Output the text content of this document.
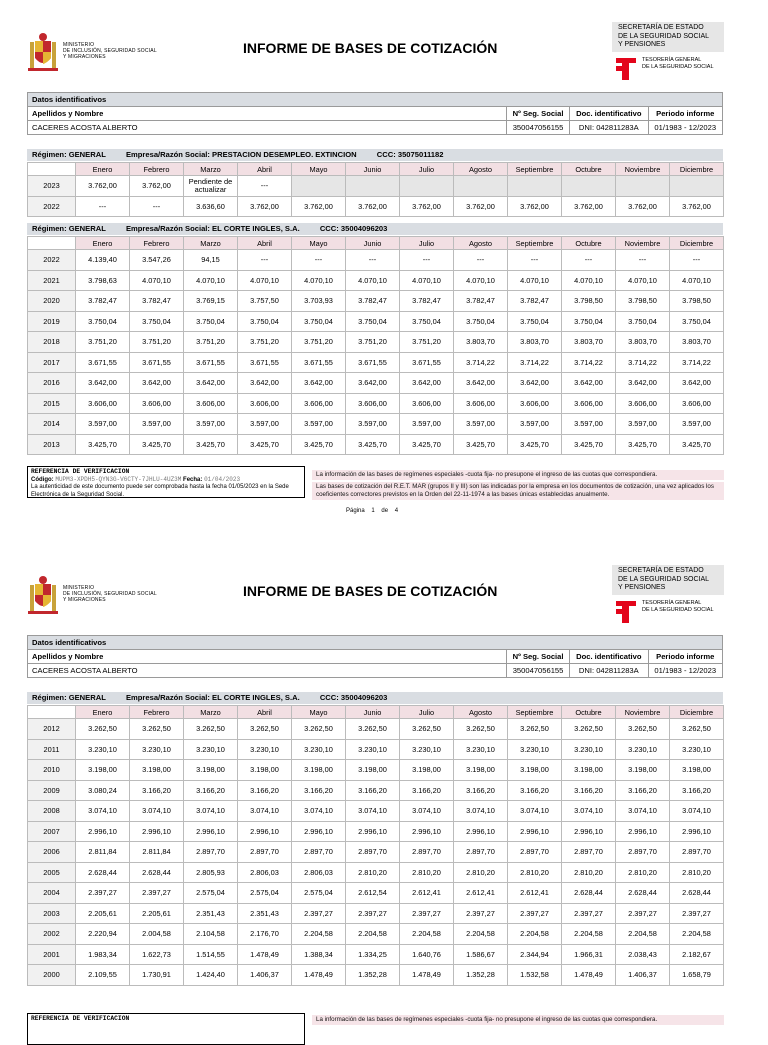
MINISTERIO
DE INCLUSIÓN, SEGURIDAD SOCIAL
Y MIGRACIONES
INFORME DE BASES DE COTIZACIÓN
SECRETARÍA DE ESTADO
DE LA SEGURIDAD SOCIAL
Y PENSIONES
TESORERÍA GENERAL
DE LA SEGURIDAD SOCIAL
Datos identificativos			
Apellidos y Nombre	Nº Seg. Social	Doc. identificativo	Periodo informe
CACERES ACOSTA ALBERTO	350047056155	DNI: 042811283A	01/1983 - 12/2023
Régimen: GENERAL	Empresa/Razón Social: PRESTACION DESEMPLEO. EXTINCION	CCC: 35075011182
	Enero	Febrero	Marzo	Abril	Mayo	Junio	Julio	Agosto	Septiembre	Octubre	Noviembre	Diciembre
2023	3.762,00	3.762,00	Pendiente de actualizar	---								
2022	---	---	3.636,60	3.762,00	3.762,00	3.762,00	3.762,00	3.762,00	3.762,00	3.762,00	3.762,00	3.762,00
Régimen: GENERAL	Empresa/Razón Social: EL CORTE INGLES, S.A.	CCC: 35004096203
	Enero	Febrero	Marzo	Abril	Mayo	Junio	Julio	Agosto	Septiembre	Octubre	Noviembre	Diciembre
2022	4.139,40	3.547,26	94,15	---	---	---	---	---	---	---	---	---
2021	3.798,63	4.070,10	4.070,10	4.070,10	4.070,10	4.070,10	4.070,10	4.070,10	4.070,10	4.070,10	4.070,10	4.070,10
2020	3.782,47	3.782,47	3.769,15	3.757,50	3.703,93	3.782,47	3.782,47	3.782,47	3.782,47	3.798,50	3.798,50	3.798,50
2019	3.750,04	3.750,04	3.750,04	3.750,04	3.750,04	3.750,04	3.750,04	3.750,04	3.750,04	3.750,04	3.750,04	3.750,04
2018	3.751,20	3.751,20	3.751,20	3.751,20	3.751,20	3.751,20	3.751,20	3.803,70	3.803,70	3.803,70	3.803,70	3.803,70
2017	3.671,55	3.671,55	3.671,55	3.671,55	3.671,55	3.671,55	3.671,55	3.714,22	3.714,22	3.714,22	3.714,22	3.714,22
2016	3.642,00	3.642,00	3.642,00	3.642,00	3.642,00	3.642,00	3.642,00	3.642,00	3.642,00	3.642,00	3.642,00	3.642,00
2015	3.606,00	3.606,00	3.606,00	3.606,00	3.606,00	3.606,00	3.606,00	3.606,00	3.606,00	3.606,00	3.606,00	3.606,00
2014	3.597,00	3.597,00	3.597,00	3.597,00	3.597,00	3.597,00	3.597,00	3.597,00	3.597,00	3.597,00	3.597,00	3.597,00
2013	3.425,70	3.425,70	3.425,70	3.425,70	3.425,70	3.425,70	3.425,70	3.425,70	3.425,70	3.425,70	3.425,70	3.425,70
REFERENCIA DE VERIFICACION
Código: MUPM3-XPDH5-QYN3G-V6CTY-7JHLU-4UZ3M Fecha: 01/04/2023
La autenticidad de este documento puede ser comprobada hasta la fecha 01/05/2023 en la Sede Electrónica de la Seguridad Social.

La información de las bases de regímenes especiales -cuota fija- no presupone el ingreso de las cuotas que correspondiera.

Las bases de cotización del R.E.T. MAR (grupos II y III) son las indicadas por la empresa en los documentos de cotización, una vez aplicados los coeficientes correctores previstos en la Orden del 22-11-1974 a las bases únicas establecidas anualmente.

Página 1 de 4
MINISTERIO
DE INCLUSIÓN, SEGURIDAD SOCIAL
Y MIGRACIONES
INFORME DE BASES DE COTIZACIÓN
SECRETARÍA DE ESTADO
DE LA SEGURIDAD SOCIAL
Y PENSIONES
TESORERÍA GENERAL
DE LA SEGURIDAD SOCIAL
Datos identificativos			
Apellidos y Nombre	Nº Seg. Social	Doc. identificativo	Periodo informe
CACERES ACOSTA ALBERTO	350047056155	DNI: 042811283A	01/1983 - 12/2023
Régimen: GENERAL	Empresa/Razón Social: EL CORTE INGLES, S.A.	CCC: 35004096203
	Enero	Febrero	Marzo	Abril	Mayo	Junio	Julio	Agosto	Septiembre	Octubre	Noviembre	Diciembre
2012	3.262,50	3.262,50	3.262,50	3.262,50	3.262,50	3.262,50	3.262,50	3.262,50	3.262,50	3.262,50	3.262,50	3.262,50
2011	3.230,10	3.230,10	3.230,10	3.230,10	3.230,10	3.230,10	3.230,10	3.230,10	3.230,10	3.230,10	3.230,10	3.230,10
2010	3.198,00	3.198,00	3.198,00	3.198,00	3.198,00	3.198,00	3.198,00	3.198,00	3.198,00	3.198,00	3.198,00	3.198,00
2009	3.080,24	3.166,20	3.166,20	3.166,20	3.166,20	3.166,20	3.166,20	3.166,20	3.166,20	3.166,20	3.166,20	3.166,20
2008	3.074,10	3.074,10	3.074,10	3.074,10	3.074,10	3.074,10	3.074,10	3.074,10	3.074,10	3.074,10	3.074,10	3.074,10
2007	2.996,10	2.996,10	2.996,10	2.996,10	2.996,10	2.996,10	2.996,10	2.996,10	2.996,10	2.996,10	2.996,10	2.996,10
2006	2.811,84	2.811,84	2.897,70	2.897,70	2.897,70	2.897,70	2.897,70	2.897,70	2.897,70	2.897,70	2.897,70	2.897,70
2005	2.628,44	2.628,44	2.805,93	2.806,03	2.806,03	2.810,20	2.810,20	2.810,20	2.810,20	2.810,20	2.810,20	2.810,20
2004	2.397,27	2.397,27	2.575,04	2.575,04	2.575,04	2.612,54	2.612,41	2.612,41	2.612,41	2.628,44	2.628,44	2.628,44
2003	2.205,61	2.205,61	2.351,43	2.351,43	2.397,27	2.397,27	2.397,27	2.397,27	2.397,27	2.397,27	2.397,27	2.397,27
2002	2.220,94	2.004,58	2.104,58	2.176,70	2.204,58	2.204,58	2.204,58	2.204,58	2.204,58	2.204,58	2.204,58	2.204,58
2001	1.983,34	1.622,73	1.514,55	1.478,49	1.388,34	1.334,25	1.640,76	1.586,67	2.344,94	1.966,31	2.038,43	2.182,67
2000	2.109,55	1.730,91	1.424,40	1.406,37	1.478,49	1.352,28	1.478,49	1.352,28	1.532,58	1.478,49	1.406,37	1.658,79
REFERENCIA DE VERIFICACION	La información de las bases de regímenes especiales -cuota fija- no presupone el ingreso de las cuotas que correspondiera.
